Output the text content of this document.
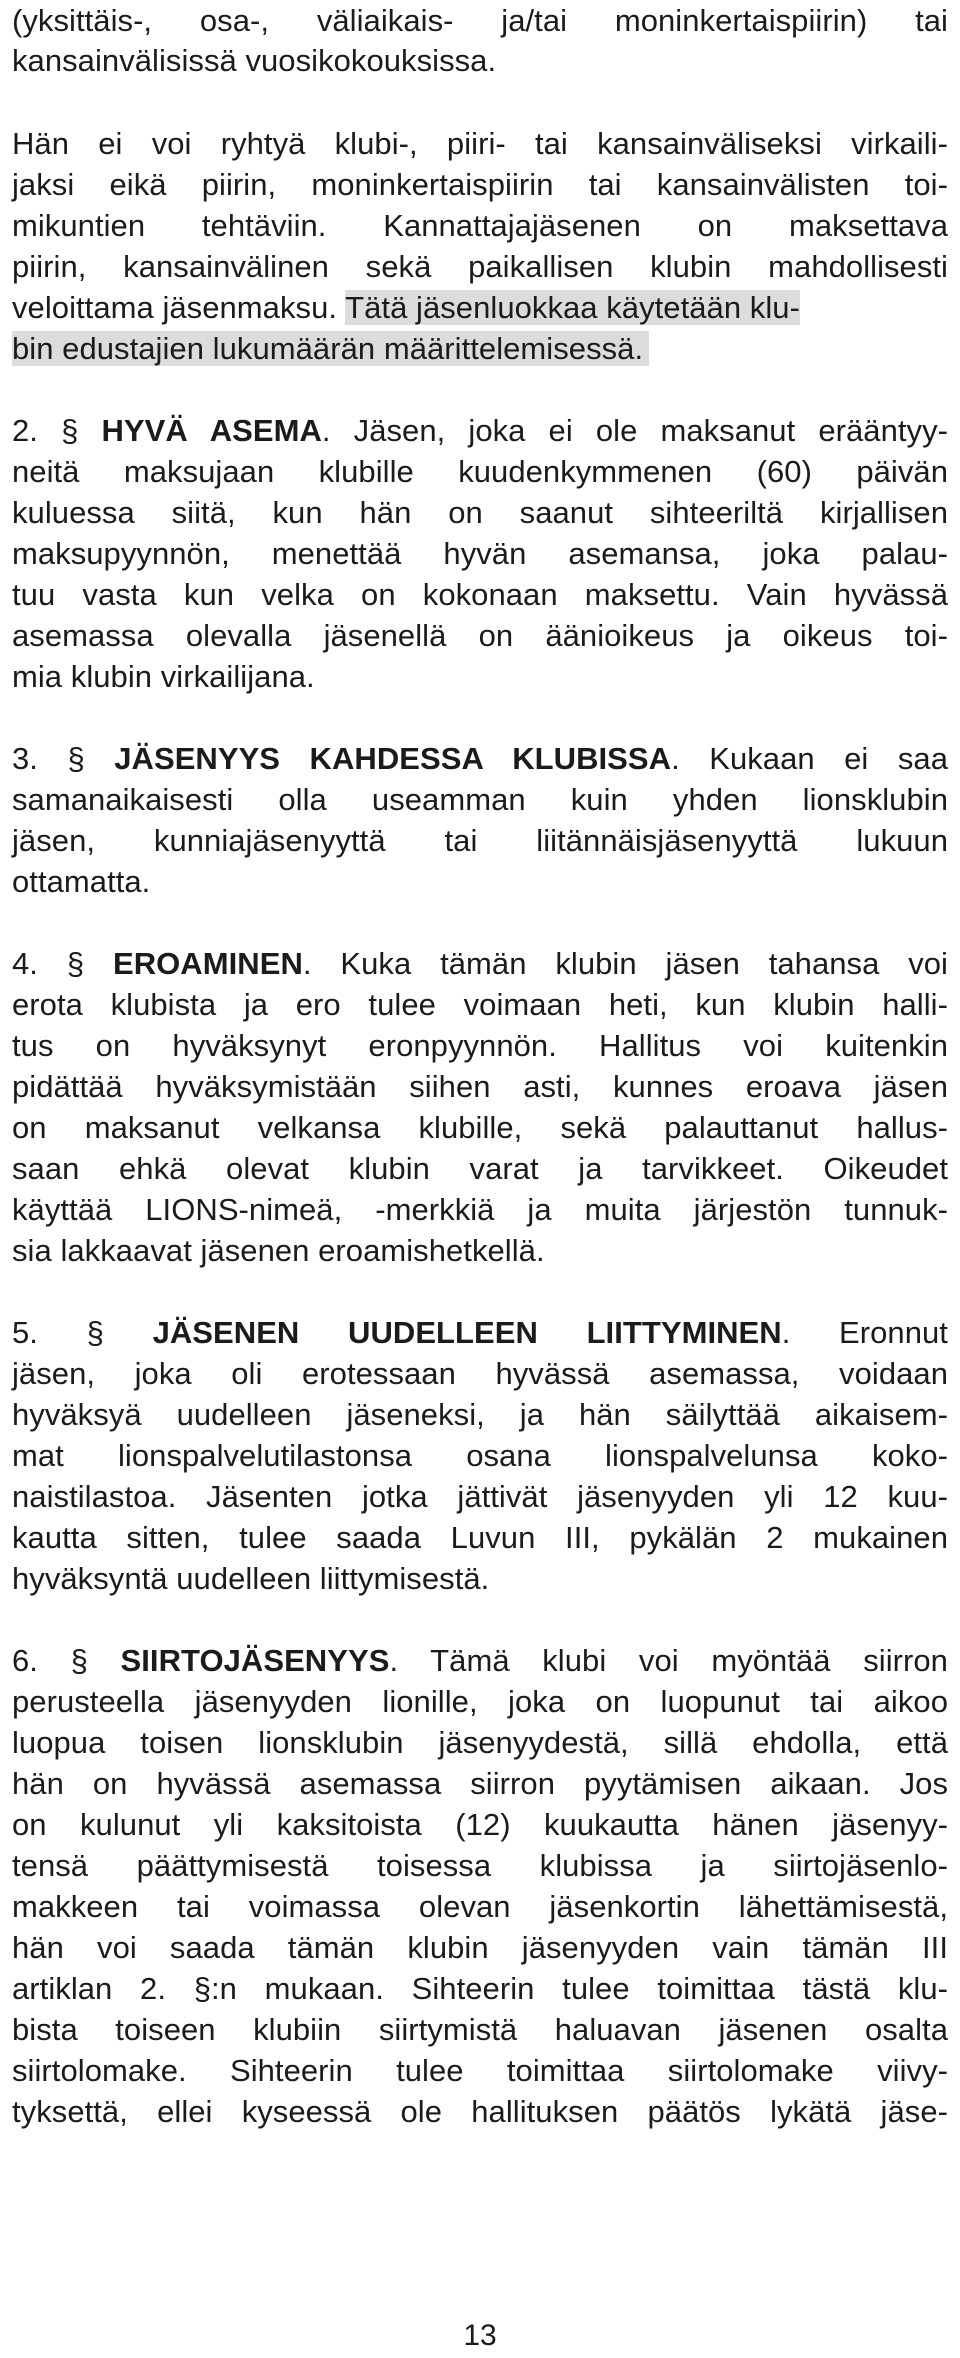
(yksittäis-, osa-, väliaikais- ja/tai moninkertaispiirin) tai
kansainvälisissä vuosikokouksissa.
Hän ei voi ryhtyä klubi-, piiri- tai kansainväliseksi virkaili-
jaksi eikä piirin, moninkertaispiirin tai kansainvälisten toi-
mikuntien tehtäviin. Kannattajajäsenen on maksettava
piirin, kansainvälinen sekä paikallisen klubin mahdollisesti
veloittama jäsenmaksu. Tätä jäsenluokkaa käytetään klu-
bin edustajien lukumäärän määrittelemisessä.
2. § HYVÄ ASEMA. Jäsen, joka ei ole maksanut erääntyy-
neitä maksujaan klubille kuudenkymmenen (60) päivän
kuluessa siitä, kun hän on saanut sihteeriltä kirjallisen
maksupyynnön, menettää hyvän asemansa, joka palau-
tuu vasta kun velka on kokonaan maksettu. Vain hyvässä
asemassa olevalla jäsenellä on äänioikeus ja oikeus toi-
mia klubin virkailijana.
3. § JÄSENYYS KAHDESSA KLUBISSA. Kukaan ei saa
samanaikaisesti olla useamman kuin yhden lionsklubin
jäsen, kunniajäsenyyttä tai liitännäisjäsenyyttä lukuun
ottamatta.
4. § EROAMINEN. Kuka tämän klubin jäsen tahansa voi
erota klubista ja ero tulee voimaan heti, kun klubin halli-
tus on hyväksynyt eronpyynnön. Hallitus voi kuitenkin
pidättää hyväksymistään siihen asti, kunnes eroava jäsen
on maksanut velkansa klubille, sekä palauttanut hallus-
saan ehkä olevat klubin varat ja tarvikkeet. Oikeudet
käyttää LIONS-nimeä, -merkkiä ja muita järjestön tunnuk-
sia lakkaavat jäsenen eroamishetkellä.
5. § JÄSENEN UUDELLEEN LIITTYMINEN. Eronnut
jäsen, joka oli erotessaan hyvässä asemassa, voidaan
hyväksyä uudelleen jäseneksi, ja hän säilyttää aikaisem-
mat lionspalvelutilastonsa osana lionspalvelunsa koko-
naistilastoa. Jäsenten jotka jättivät jäsenyyden yli 12 kuu-
kautta sitten, tulee saada Luvun III, pykälän 2 mukainen
hyväksyntä uudelleen liittymisestä.
6. § SIIRTOJÄSENYYS. Tämä klubi voi myöntää siirron
perusteella jäsenyyden lionille, joka on luopunut tai aikoo
luopua toisen lionsklubin jäsenyydestä, sillä ehdolla, että
hän on hyvässä asemassa siirron pyytämisen aikaan. Jos
on kulunut yli kaksitoista (12) kuukautta hänen jäsenyy-
tensä päättymisestä toisessa klubissa ja siirtojäsenlo-
makkeen tai voimassa olevan jäsenkortin lähettämisestä,
hän voi saada tämän klubin jäsenyyden vain tämän III
artiklan 2. §:n mukaan. Sihteerin tulee toimittaa tästä klu-
bista toiseen klubiin siirtymistä haluavan jäsenen osalta
siirtolomake. Sihteerin tulee toimittaa siirtolomake viivy-
tyksettä, ellei kyseessä ole hallituksen päätös lykätä jäse-
13
